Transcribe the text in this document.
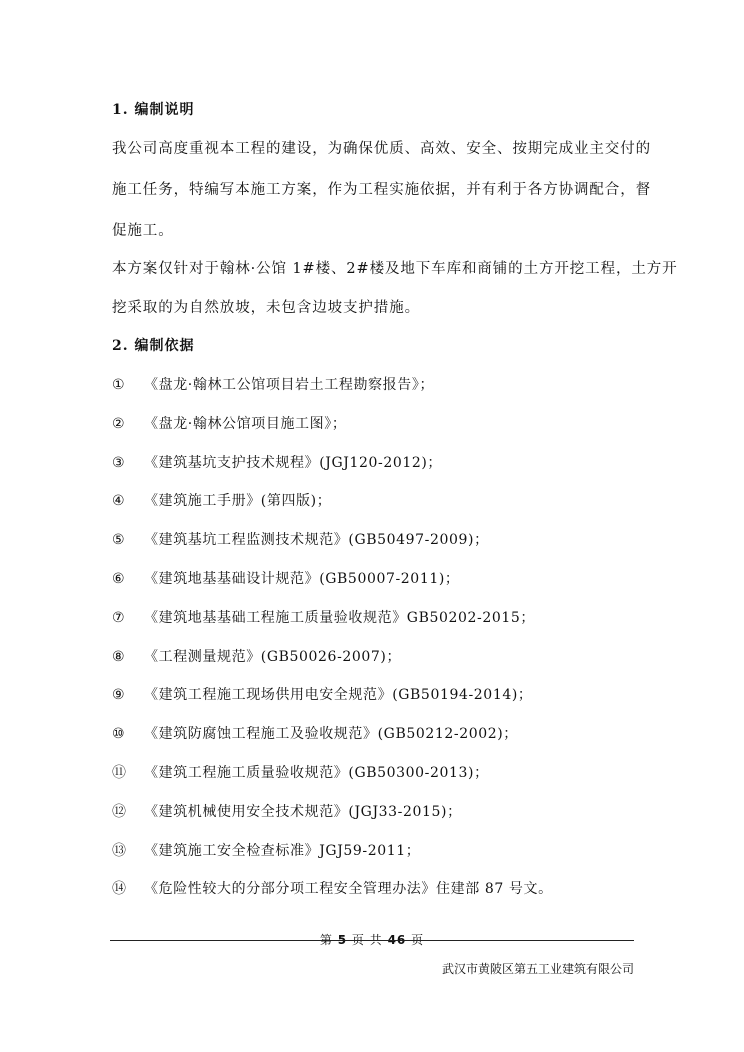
1. 编制说明
我公司高度重视本工程的建设，为确保优质、高效、安全、按期完成业主交付的
施工任务，特编写本施工方案，作为工程实施依据，并有利于各方协调配合，督
促施工。
本方案仅针对于翰林·公馆 1#楼、2#楼及地下车库和商铺的土方开挖工程，土方开
挖采取的为自然放坡，未包含边坡支护措施。
2. 编制依据
①	《盘龙·翰林工公馆项目岩土工程勘察报告》；
②	《盘龙·翰林公馆项目施工图》；
③	《建筑基坑支护技术规程》(JGJ120-2012)；
④	《建筑施工手册》(第四版)；
⑤	《建筑基坑工程监测技术规范》(GB50497-2009)；
⑥	《建筑地基基础设计规范》(GB50007-2011)；
⑦	《建筑地基基础工程施工质量验收规范》GB50202-2015；
⑧	《工程测量规范》(GB50026-2007)；
⑨	《建筑工程施工现场供用电安全规范》(GB50194-2014)；
⑩	《建筑防腐蚀工程施工及验收规范》(GB50212-2002)；
⑪	《建筑工程施工质量验收规范》(GB50300-2013)；
⑫	《建筑机械使用安全技术规范》(JGJ33-2015)；
⑬	《建筑施工安全检查标准》JGJ59-2011；
⑭	《危险性较大的分部分项工程安全管理办法》住建部 87 号文。
第 5 页 共 46 页
武汉市黄陂区第五工业建筑有限公司
